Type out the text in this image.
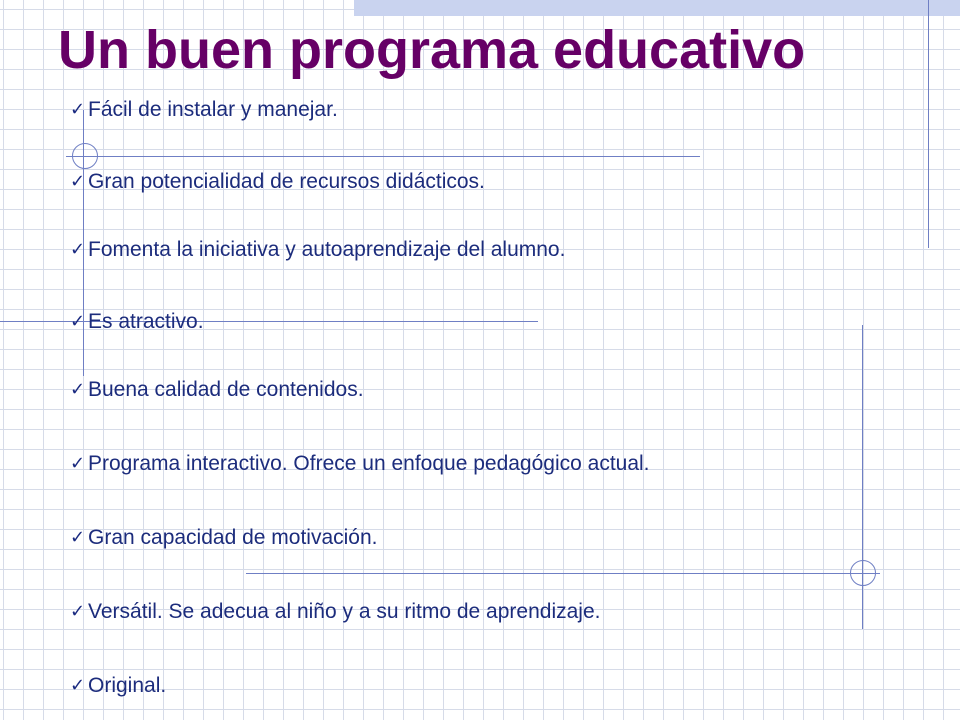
Un buen programa educativo
✓ Fácil de instalar y manejar.
✓ Gran potencialidad de recursos didácticos.
✓ Fomenta la iniciativa y autoaprendizaje del alumno.
✓ Es atractivo.
✓ Buena calidad de contenidos.
✓ Programa interactivo. Ofrece un enfoque pedagógico actual.
✓ Gran capacidad de motivación.
✓ Versátil. Se adecua al niño y a su ritmo de aprendizaje.
✓ Original.
